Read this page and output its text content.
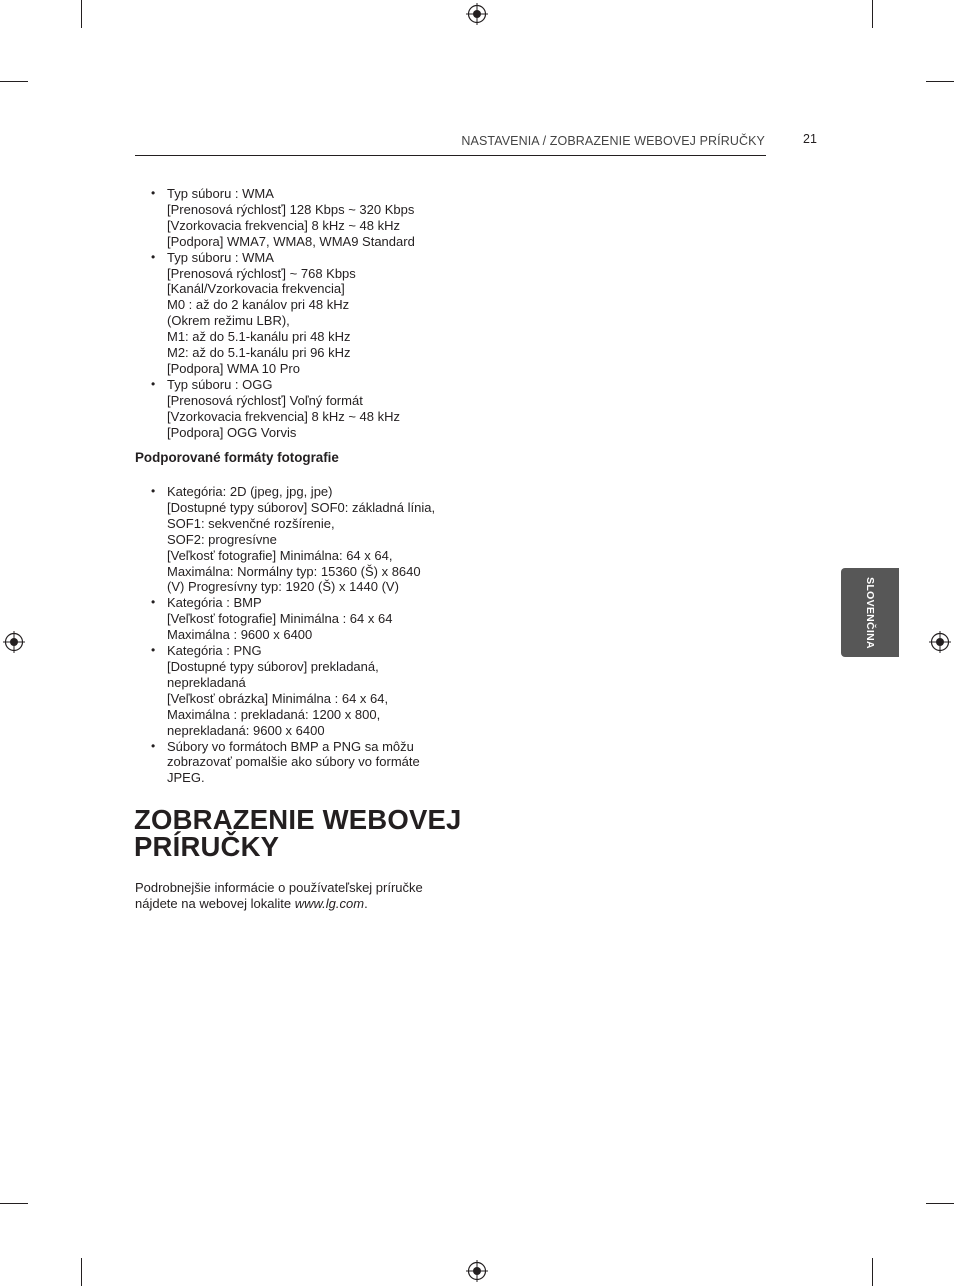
NASTAVENIA / ZOBRAZENIE WEBOVEJ PRÍRUČKY	21
• Typ súboru : WMA
[Prenosová rýchlosť] 128 Kbps ~ 320 Kbps
[Vzorkovacia frekvencia] 8 kHz ~ 48 kHz
[Podpora] WMA7, WMA8, WMA9 Standard
• Typ súboru : WMA
[Prenosová rýchlosť] ~ 768 Kbps
[Kanál/Vzorkovacia frekvencia]
M0 : až do 2 kanálov pri 48 kHz
(Okrem režimu LBR),
M1: až do 5.1-kanálu pri 48 kHz
M2: až do 5.1-kanálu pri 96 kHz
[Podpora] WMA 10 Pro
• Typ súboru : OGG
[Prenosová rýchlosť] Voľný formát
[Vzorkovacia frekvencia] 8 kHz ~ 48 kHz
[Podpora] OGG Vorvis
Podporované formáty fotografie
• Kategória: 2D (jpeg, jpg, jpe)
[Dostupné typy súborov] SOF0: základná línia,
SOF1: sekvenčné rozšírenie,
SOF2: progresívne
[Veľkosť fotografie] Minimálna: 64 x 64,
Maximálna: Normálny typ: 15360 (Š) x 8640
(V) Progresívny typ: 1920 (Š) x 1440 (V)
• Kategória : BMP
[Veľkosť fotografie] Minimálna : 64 x 64
Maximálna : 9600 x 6400
• Kategória : PNG
[Dostupné typy súborov] prekladaná,
neprekladaná
[Veľkosť obrázka] Minimálna : 64 x 64,
Maximálna : prekladaná: 1200 x 800,
neprekladaná: 9600 x 6400
• Súbory vo formátoch BMP a PNG sa môžu
zobrazovať pomalšie ako súbory vo formáte
JPEG.
ZOBRAZENIE WEBOVEJ
PRÍRUČKY

Podrobnejšie informácie o používateľskej príručke
nájdete na webovej lokalite www.lg.com.

SLOVENČINA
